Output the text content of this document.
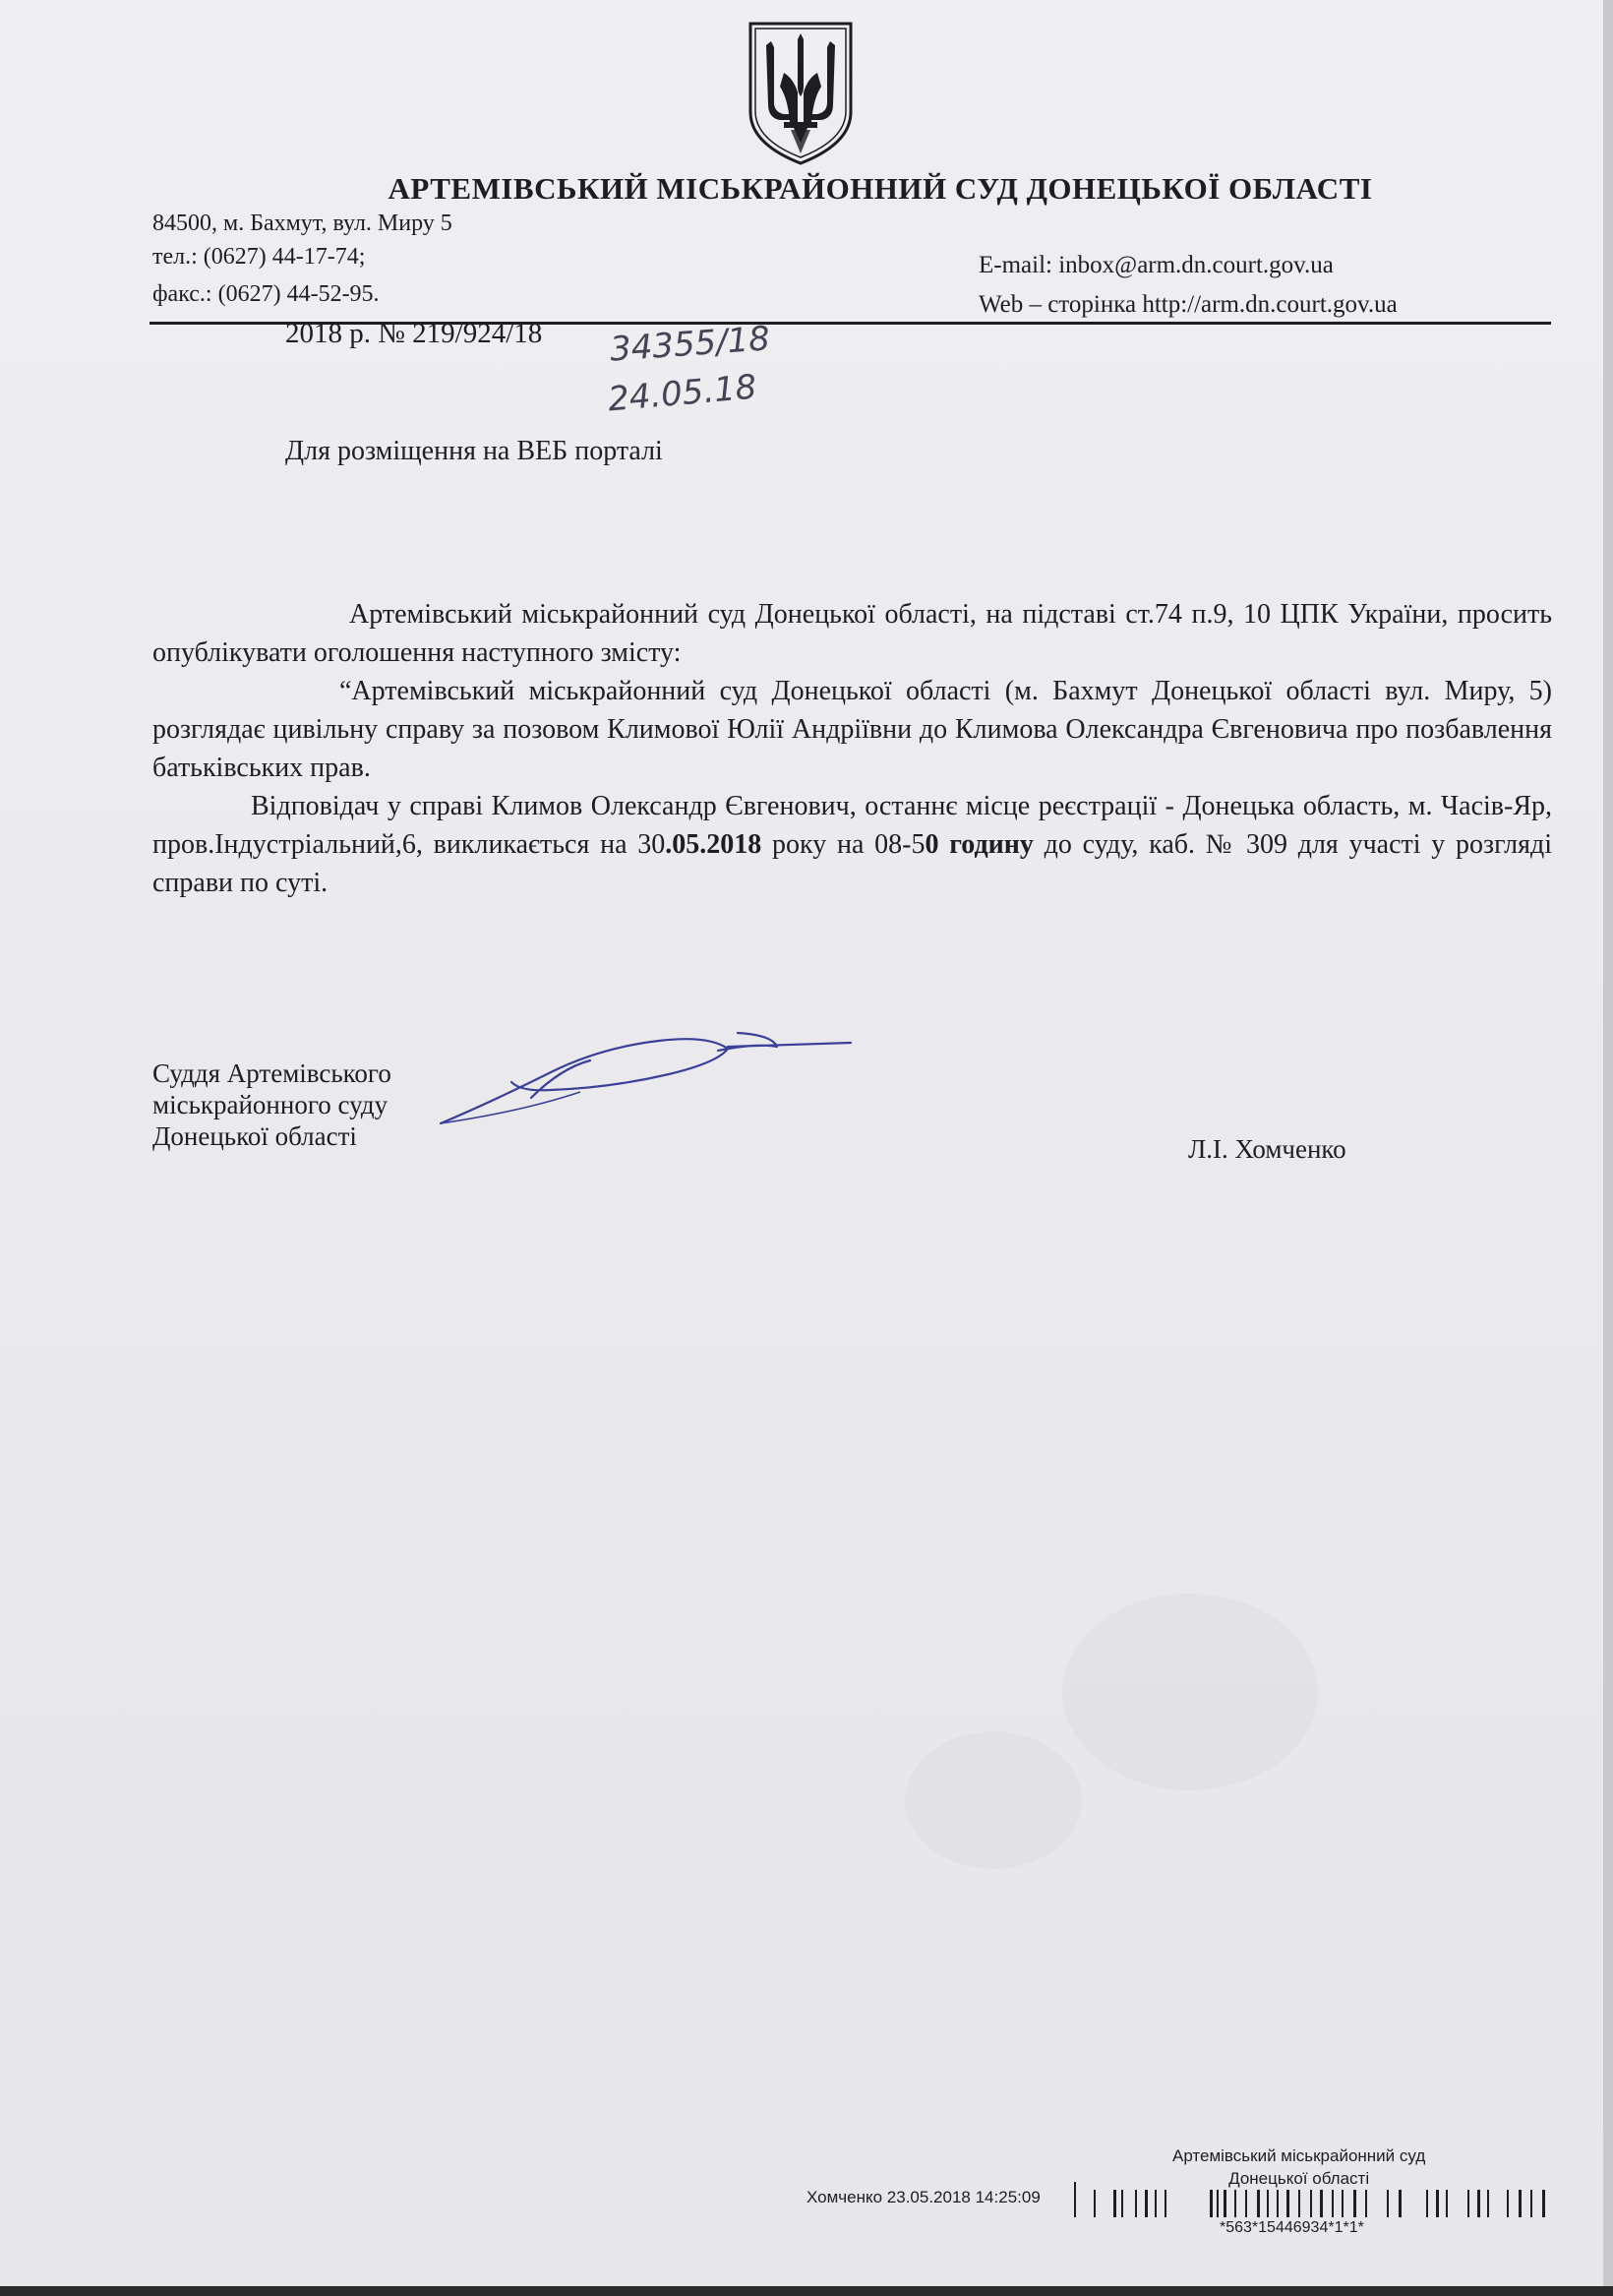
АРТЕМІВСЬКИЙ МІСЬКРАЙОННИЙ СУД ДОНЕЦЬКОЇ ОБЛАСТІ
84500, м. Бахмут, вул. Миру 5
тел.: (0627) 44-17-74;
факс.: (0627) 44-52-95.
E-mail: inbox@arm.dn.court.gov.ua
Web – сторінка http://arm.dn.court.gov.ua
2018 р. № 219/924/18 34355/18
24.05.18
Для розміщення на ВЕБ порталі

Артемівський міськрайонний суд Донецької області, на підставі ст.74 п.9, 10 ЦПК України, просить опублікувати оголошення наступного змісту:

“Артемівський міськрайонний суд Донецької області (м. Бахмут Донецької області вул. Миру, 5) розглядає цивільну справу за позовом Климової Юлії Андріївни до Климова Олександра Євгеновича про позбавлення батьківських прав.

Відповідач у справі Климов Олександр Євгенович, останнє місце реєстрації - Донецька область, м. Часів-Яр, пров.Індустріальний,6, викликається на 30.05.2018 року на 08-50 годину до суду, каб. № 309 для участі у розгляді справи по суті.

Суддя Артемівського
міськрайонного суду
Донецької області	Л.І. Хомченко
Артемівський міськрайонний суд
Донецької області
Хомченко 23.05.2018 14:25:09
*563*15446934*1*1*
